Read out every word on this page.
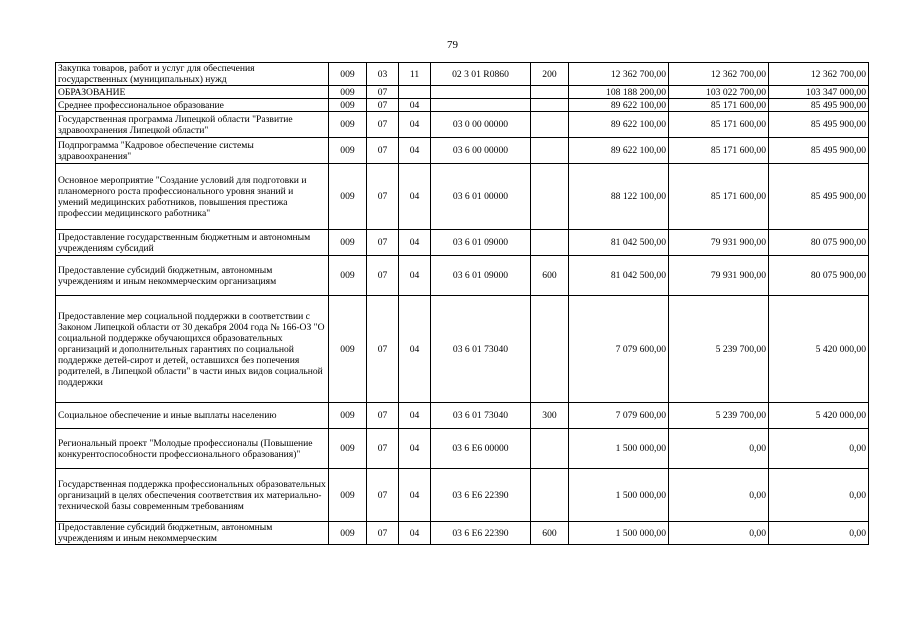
79
Закупка товаров, работ и услуг для обеспечения государственных (муниципальных) нужд	009	03	11	02 3 01 R0860	200	12 362 700,00	12 362 700,00	12 362 700,00
ОБРАЗОВАНИЕ	009	07				108 188 200,00	103 022 700,00	103 347 000,00
Среднее профессиональное образование	009	07	04			89 622 100,00	85 171 600,00	85 495 900,00
Государственная программа Липецкой области "Развитие здравоохранения Липецкой области"	009	07	04	03 0 00 00000		89 622 100,00	85 171 600,00	85 495 900,00
Подпрограмма "Кадровое обеспечение системы здравоохранения"	009	07	04	03 6 00 00000		89 622 100,00	85 171 600,00	85 495 900,00
Основное мероприятие "Создание условий для подготовки и планомерного роста профессионального уровня знаний и умений медицинских работников, повышения престижа профессии медицинского работника"	009	07	04	03 6 01 00000		88 122 100,00	85 171 600,00	85 495 900,00
Предоставление государственным бюджетным и автономным учреждениям субсидий	009	07	04	03 6 01 09000		81 042 500,00	79 931 900,00	80 075 900,00
Предоставление субсидий бюджетным, автономным учреждениям и иным некоммерческим организациям	009	07	04	03 6 01 09000	600	81 042 500,00	79 931 900,00	80 075 900,00
Предоставление мер социальной поддержки в соответствии с Законом Липецкой области от 30 декабря 2004 года № 166-ОЗ "О социальной поддержке обучающихся образовательных организаций и дополнительных гарантиях по социальной поддержке детей-сирот и детей, оставшихся без попечения родителей, в Липецкой области" в части иных видов социальной поддержки	009	07	04	03 6 01 73040		7 079 600,00	5 239 700,00	5 420 000,00
Социальное обеспечение и иные выплаты населению	009	07	04	03 6 01 73040	300	7 079 600,00	5 239 700,00	5 420 000,00
Региональный проект "Молодые профессионалы (Повышение конкурентоспособности профессионального образования)"	009	07	04	03 6 E6 00000		1 500 000,00	0,00	0,00
Государственная поддержка профессиональных образовательных организаций в целях обеспечения соответствия их материально-технической базы современным требованиям	009	07	04	03 6 E6 22390		1 500 000,00	0,00	0,00
Предоставление субсидий бюджетным, автономным учреждениям и иным некоммерческим	009	07	04	03 6 E6 22390	600	1 500 000,00	0,00	0,00
